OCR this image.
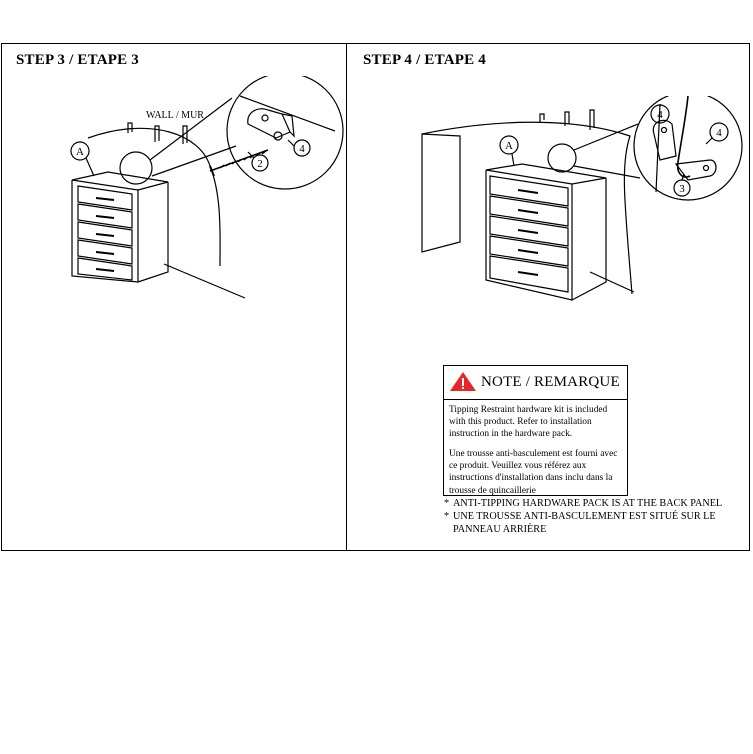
STEP 3 / ETAPE 3
WALL / MUR
A
2
4
STEP 4 / ETAPE 4
A
4
4
3
NOTE / REMARQUE

Tipping Restraint hardware kit is included with this product. Refer to installation instruction in the hardware pack.

Une trousse anti-basculement est fourni avec ce produit. Veuillez vous référez aux instructions d'installation dans inclu dans la trousse de quincaillerie

* ANTI-TIPPING HARDWARE PACK IS AT THE BACK PANEL
* UNE TROUSSE ANTI-BASCULEMENT EST SITUÉ SUR LE PANNEAU ARRIÈRE
